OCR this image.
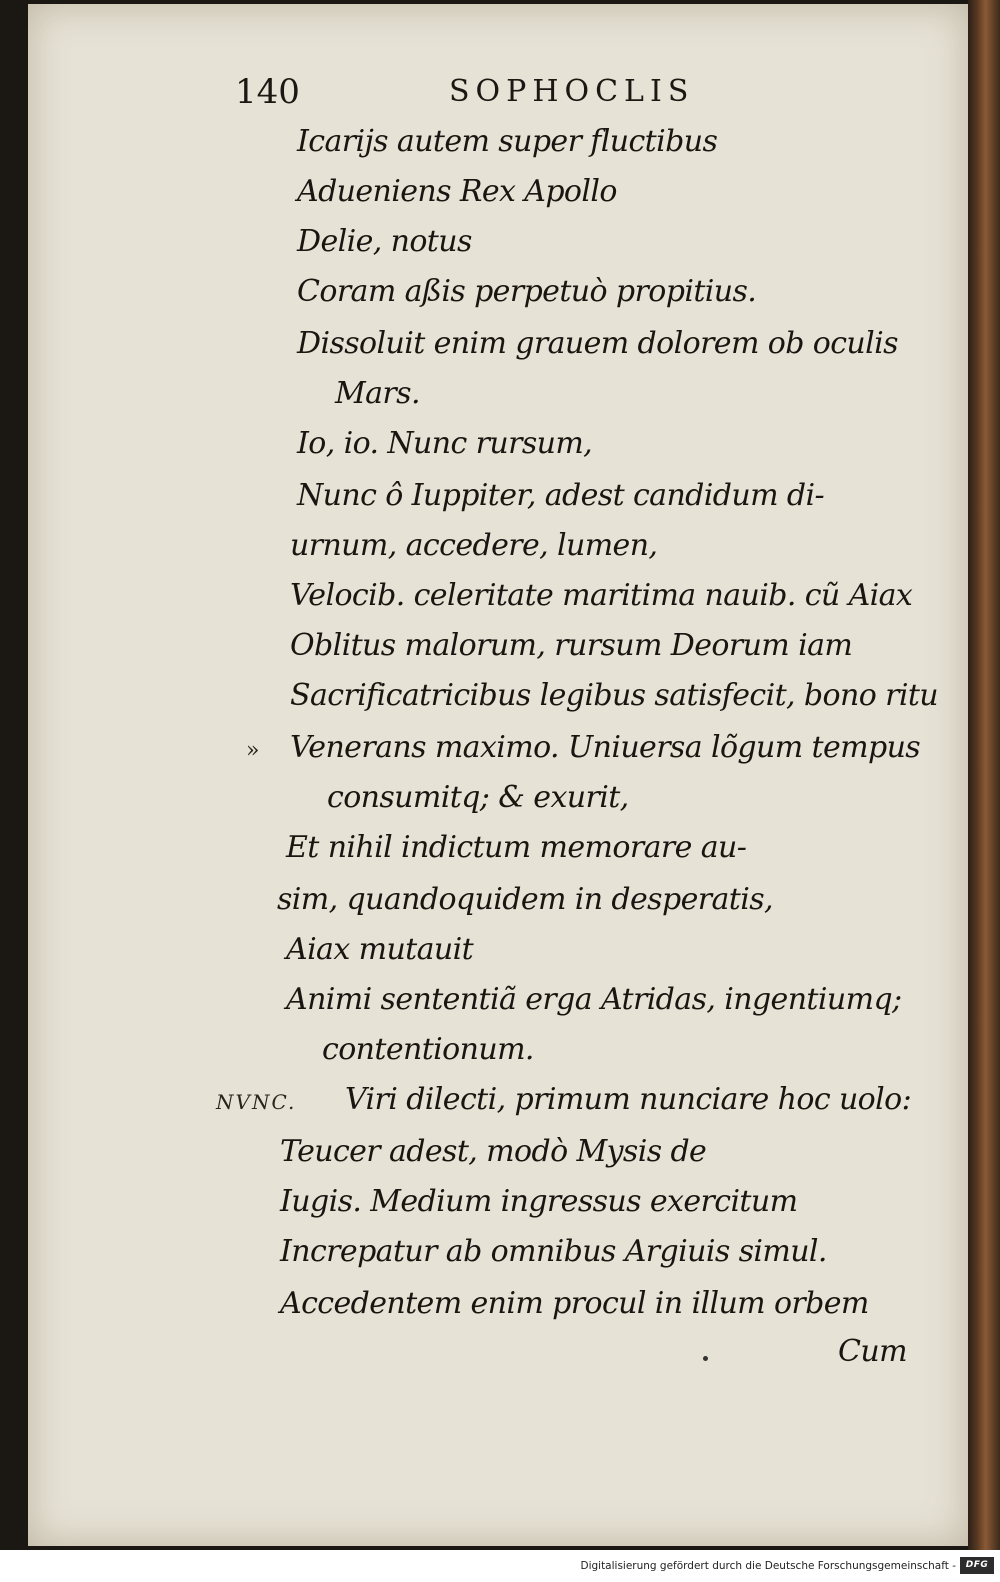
140	SOPHOCLIS
Icarijs autem super fluctibus
Adueniens Rex Apollo
Delie, notus
Coram aßis perpetuò propitius.
Dissoluit enim grauem dolorem ob oculis
Mars.
Io, io. Nunc rursum,
Nunc ô Iuppiter, adest candidum di-
urnum, accedere, lumen,
Velocib. celeritate maritima nauib. cũ Aiax
Oblitus malorum, rursum Deorum iam
Sacrificatricibus legibus satisfecit, bono ritu
» Venerans maximo. Uniuersa lõgum tempus
consumitq; & exurit,
Et nihil indictum memorare au-
sim, quandoquidem in desperatis,
Aiax mutauit
Animi sententiã erga Atridas, ingentiumq;
contentionum.
NVNC. Viri dilecti, primum nunciare hoc uolo:
Teucer adest, modò Mysis de
Iugis. Medium ingressus exercitum
Increpatur ab omnibus Argiuis simul.
Accedentem enim procul in illum orbem
Cum
Digitalisierung gefördert durch die Deutsche Forschungsgemeinschaft -	DFG
